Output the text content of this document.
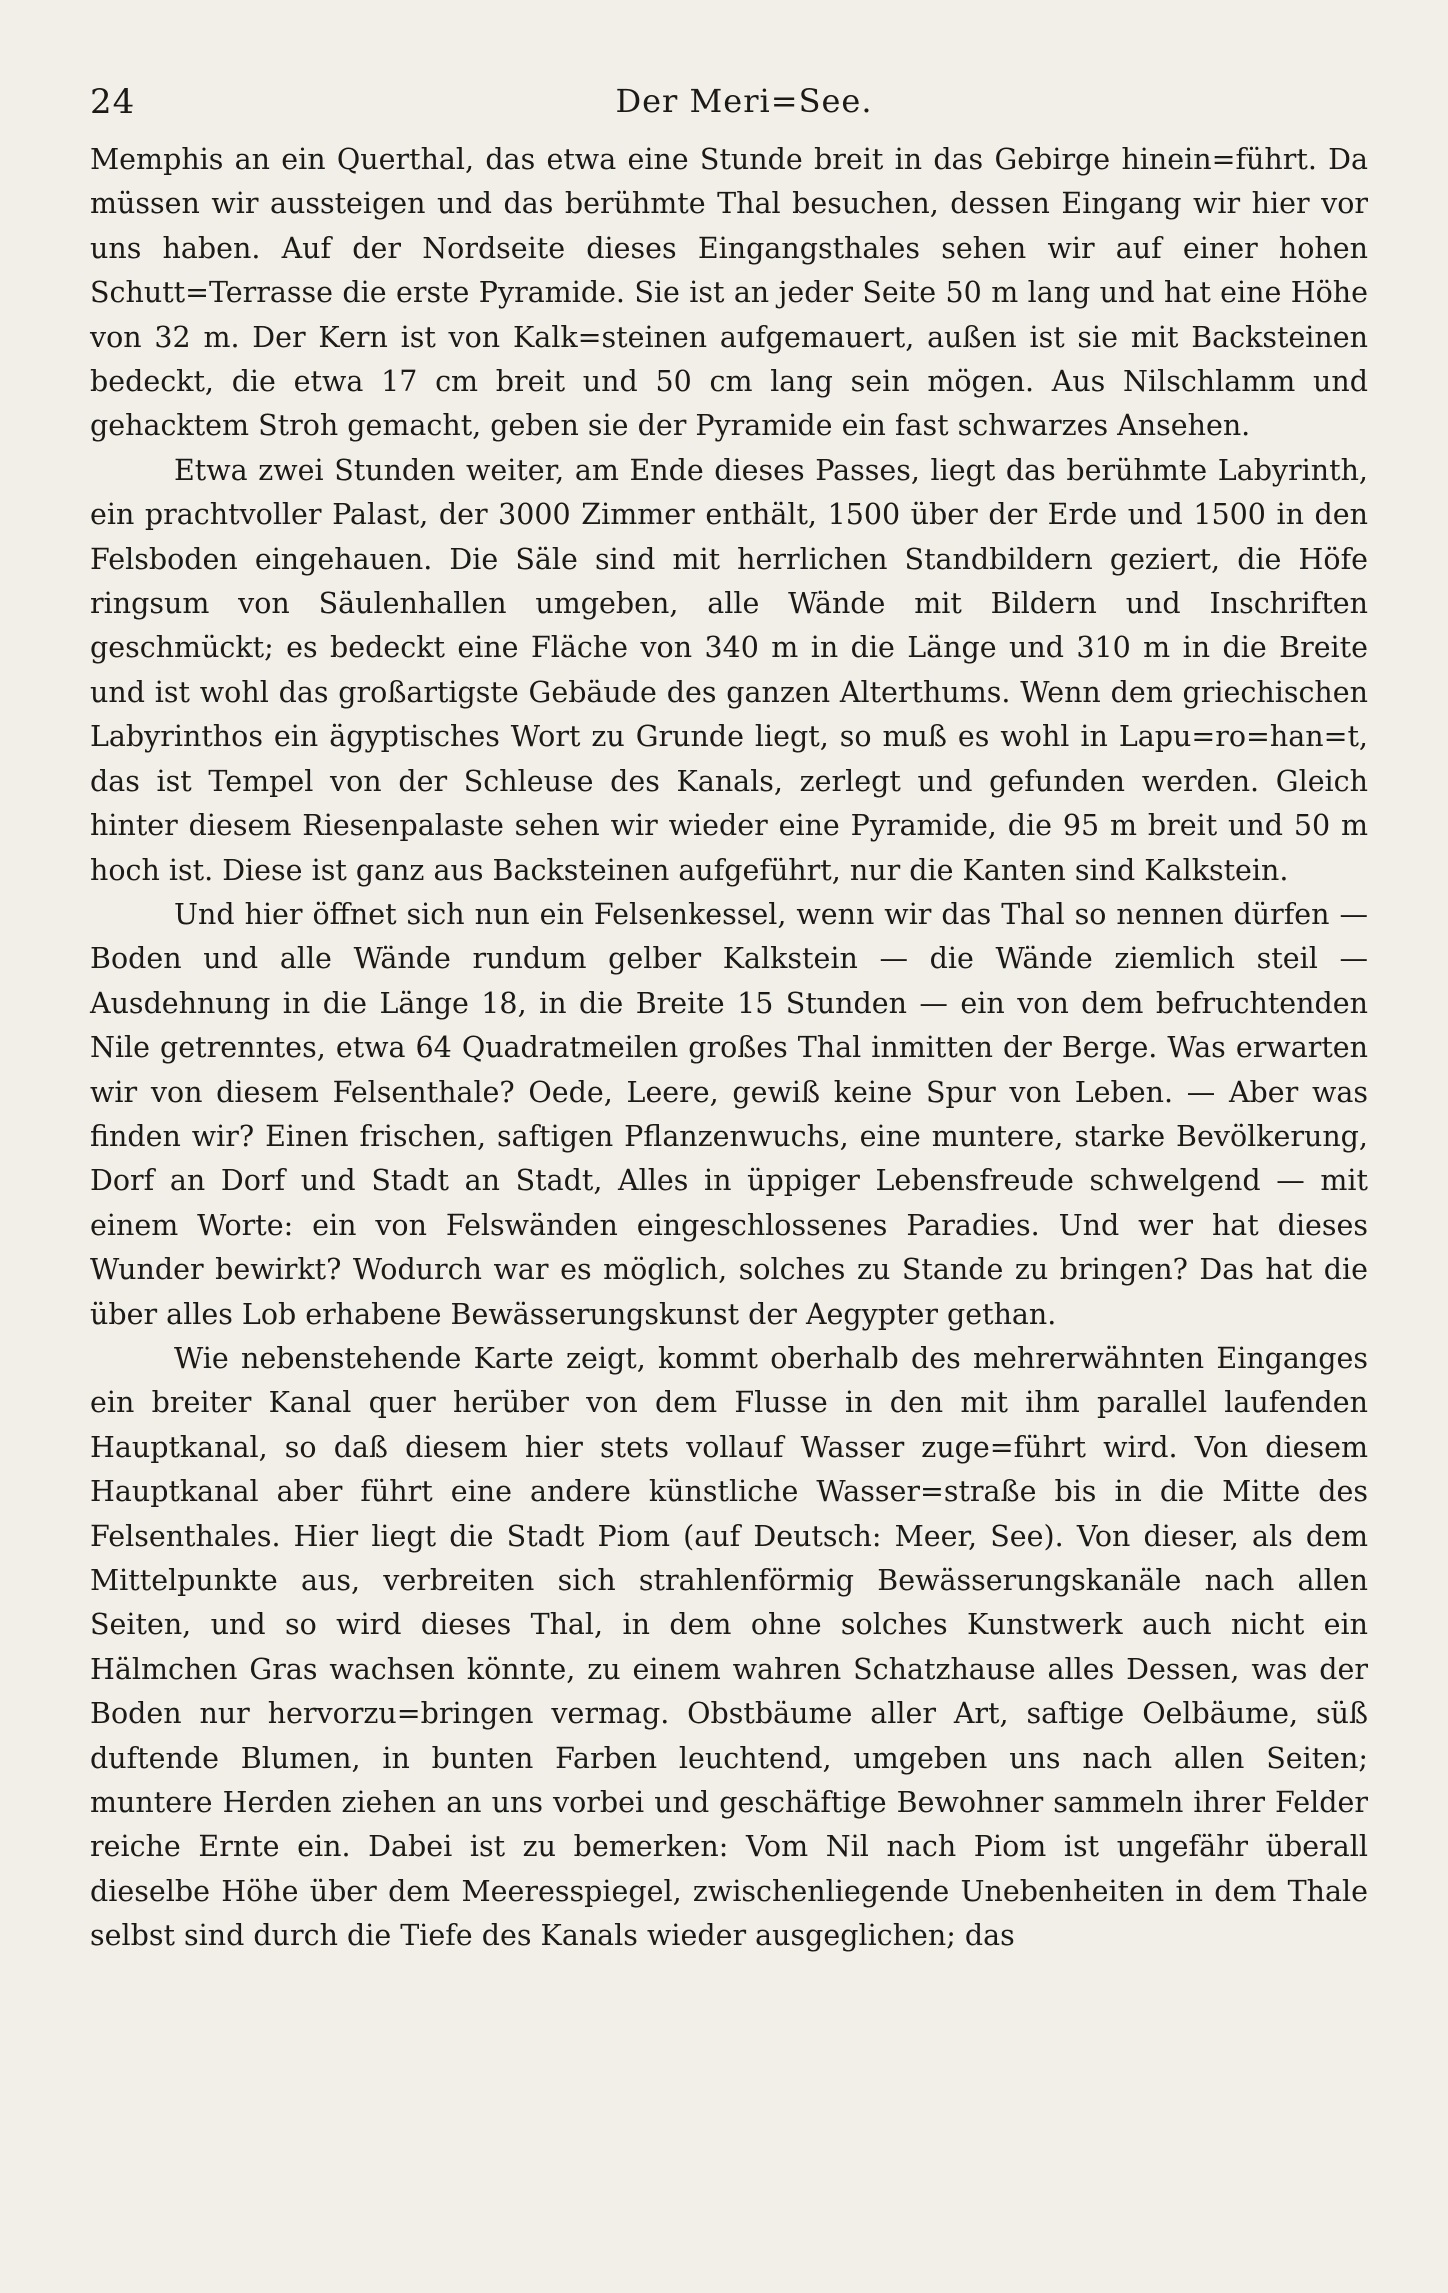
24	Der Meri=See.

Memphis an ein Querthal, das etwa eine Stunde breit in das Gebirge hinein=führt. Da müssen wir aussteigen und das berühmte Thal besuchen, dessen Eingang wir hier vor uns haben. Auf der Nordseite dieses Eingangsthales sehen wir auf einer hohen Schutt=Terrasse die erste Pyramide. Sie ist an jeder Seite 50 m lang und hat eine Höhe von 32 m. Der Kern ist von Kalk=steinen aufgemauert, außen ist sie mit Backsteinen bedeckt, die etwa 17 cm breit und 50 cm lang sein mögen. Aus Nilschlamm und gehacktem Stroh gemacht, geben sie der Pyramide ein fast schwarzes Ansehen.

Etwa zwei Stunden weiter, am Ende dieses Passes, liegt das berühmte Labyrinth, ein prachtvoller Palast, der 3000 Zimmer enthält, 1500 über der Erde und 1500 in den Felsboden eingehauen. Die Säle sind mit herrlichen Standbildern geziert, die Höfe ringsum von Säulenhallen umgeben, alle Wände mit Bildern und Inschriften geschmückt; es bedeckt eine Fläche von 340 m in die Länge und 310 m in die Breite und ist wohl das großartigste Gebäude des ganzen Alterthums. Wenn dem griechischen Labyrinthos ein ägyptisches Wort zu Grunde liegt, so muß es wohl in Lapu=ro=han=t, das ist Tempel von der Schleuse des Kanals, zerlegt und gefunden werden. Gleich hinter diesem Riesenpalaste sehen wir wieder eine Pyramide, die 95 m breit und 50 m hoch ist. Diese ist ganz aus Backsteinen aufgeführt, nur die Kanten sind Kalkstein.

Und hier öffnet sich nun ein Felsenkessel, wenn wir das Thal so nennen dürfen — Boden und alle Wände rundum gelber Kalkstein — die Wände ziemlich steil — Ausdehnung in die Länge 18, in die Breite 15 Stunden — ein von dem befruchtenden Nile getrenntes, etwa 64 Quadratmeilen großes Thal inmitten der Berge. Was erwarten wir von diesem Felsenthale? Oede, Leere, gewiß keine Spur von Leben. — Aber was finden wir? Einen frischen, saftigen Pflanzenwuchs, eine muntere, starke Bevölkerung, Dorf an Dorf und Stadt an Stadt, Alles in üppiger Lebensfreude schwelgend — mit einem Worte: ein von Felswänden eingeschlossenes Paradies. Und wer hat dieses Wunder bewirkt? Wodurch war es möglich, solches zu Stande zu bringen? Das hat die über alles Lob erhabene Bewässerungskunst der Aegypter gethan.

Wie nebenstehende Karte zeigt, kommt oberhalb des mehrerwähnten Einganges ein breiter Kanal quer herüber von dem Flusse in den mit ihm parallel laufenden Hauptkanal, so daß diesem hier stets vollauf Wasser zuge=führt wird. Von diesem Hauptkanal aber führt eine andere künstliche Wasser=straße bis in die Mitte des Felsenthales. Hier liegt die Stadt Piom (auf Deutsch: Meer, See). Von dieser, als dem Mittelpunkte aus, verbreiten sich strahlenförmig Bewässerungskanäle nach allen Seiten, und so wird dieses Thal, in dem ohne solches Kunstwerk auch nicht ein Hälmchen Gras wachsen könnte, zu einem wahren Schatzhause alles Dessen, was der Boden nur hervorzu=bringen vermag. Obstbäume aller Art, saftige Oelbäume, süß duftende Blumen, in bunten Farben leuchtend, umgeben uns nach allen Seiten; muntere Herden ziehen an uns vorbei und geschäftige Bewohner sammeln ihrer Felder reiche Ernte ein. Dabei ist zu bemerken: Vom Nil nach Piom ist ungefähr überall dieselbe Höhe über dem Meeresspiegel, zwischenliegende Unebenheiten in dem Thale selbst sind durch die Tiefe des Kanals wieder ausgeglichen; das
